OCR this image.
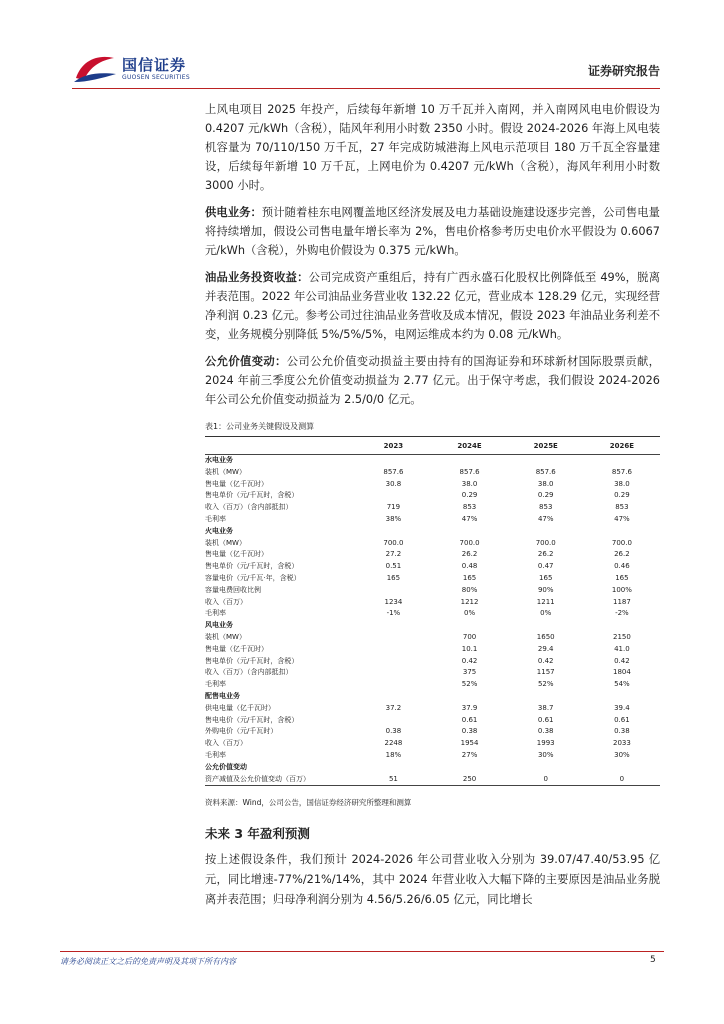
国信证券
GUOSEN SECURITIES	证券研究报告

上风电项目 2025 年投产，后续每年新增 10 万千瓦并入南网，并入南网风电电价假设为 0.4207 元/kWh（含税），陆风年利用小时数 2350 小时。假设 2024-2026 年海上风电装机容量为 70/110/150 万千瓦，27 年完成防城港海上风电示范项目 180 万千瓦全容量建设，后续每年新增 10 万千瓦，上网电价为 0.4207 元/kWh（含税），海风年利用小时数 3000 小时。

供电业务：预计随着桂东电网覆盖地区经济发展及电力基础设施建设逐步完善，公司售电量将持续增加，假设公司售电量年增长率为 2%，售电价格参考历史电价水平假设为 0.6067 元/kWh（含税），外购电价假设为 0.375 元/kWh。

油品业务投资收益：公司完成资产重组后，持有广西永盛石化股权比例降低至 49%，脱离并表范围。2022 年公司油品业务营业收 132.22 亿元，营业成本 128.29 亿元，实现经营净利润 0.23 亿元。参考公司过往油品业务营收及成本情况，假设 2023 年油品业务利差不变，业务规模分别降低 5%/5%/5%，电网运维成本约为 0.08 元/kWh。

公允价值变动：公司公允价值变动损益主要由持有的国海证券和环球新材国际股票贡献，2024 年前三季度公允价值变动损益为 2.77 亿元。出于保守考虑，我们假设 2024-2026 年公司公允价值变动损益为 2.5/0/0 亿元。

表1：公司业务关键假设及测算
	2023	2024E	2025E	2026E
水电业务				
装机（MW）	857.6	857.6	857.6	857.6
售电量（亿千瓦时）	30.8	38.0	38.0	38.0
售电单价（元/千瓦时，含税）		0.29	0.29	0.29
收入（百万）（含内部抵扣）	719	853	853	853
毛利率	38%	47%	47%	47%
火电业务				
装机（MW）	700.0	700.0	700.0	700.0
售电量（亿千瓦时）	27.2	26.2	26.2	26.2
售电单价（元/千瓦时，含税）	0.51	0.48	0.47	0.46
容量电价（元/千瓦·年，含税）	165	165	165	165
容量电费回收比例		80%	90%	100%
收入（百万）	1234	1212	1211	1187
毛利率	-1%	0%	0%	-2%
风电业务				
装机（MW）		700	1650	2150
售电量（亿千瓦时）		10.1	29.4	41.0
售电单价（元/千瓦时，含税）		0.42	0.42	0.42
收入（百万）（含内部抵扣）		375	1157	1804
毛利率		52%	52%	54%
配售电业务				
供电电量（亿千瓦时）	37.2	37.9	38.7	39.4
售电电价（元/千瓦时，含税）		0.61	0.61	0.61
外购电价（元/千瓦时）	0.38	0.38	0.38	0.38
收入（百万）	2248	1954	1993	2033
毛利率	18%	27%	30%	30%
公允价值变动				
资产减值及公允价值变动（百万）	51	250	0	0
资料来源：Wind，公司公告，国信证券经济研究所整理和测算
未来 3 年盈利预测

按上述假设条件，我们预计 2024-2026 年公司营业收入分别为 39.07/47.40/53.95 亿元，同比增速-77%/21%/14%，其中 2024 年营业收入大幅下降的主要原因是油品业务脱离并表范围；归母净利润分别为 4.56/5.26/6.05 亿元，同比增长

请务必阅读正文之后的免责声明及其项下所有内容	5
